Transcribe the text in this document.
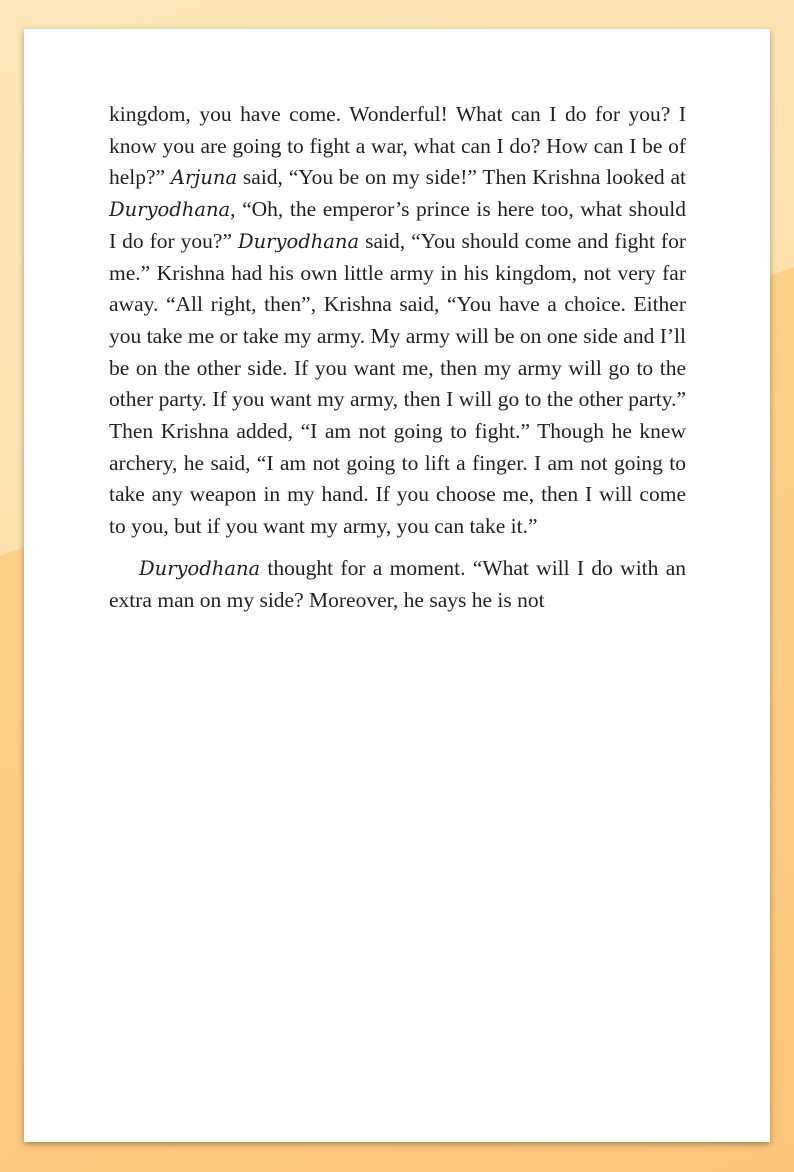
kingdom, you have come. Wonderful! What can I do for you? I know you are going to fight a war, what can I do? How can I be of help?” Arjuna said, “You be on my side!” Then Krishna looked at Duryodhana, “Oh, the emperor’s prince is here too, what should I do for you?” Duryodhana said, “You should come and fight for me.” Krishna had his own little army in his kingdom, not very far away. “All right, then”, Krishna said, “You have a choice. Either you take me or take my army. My army will be on one side and I’ll be on the other side. If you want me, then my army will go to the other party. If you want my army, then I will go to the other party.” Then Krishna added, “I am not going to fight.” Though he knew archery, he said, “I am not going to lift a finger. I am not going to take any weapon in my hand. If you choose me, then I will come to you, but if you want my army, you can take it.”

Duryodhana thought for a moment. “What will I do with an extra man on my side? Moreover, he says he is not
